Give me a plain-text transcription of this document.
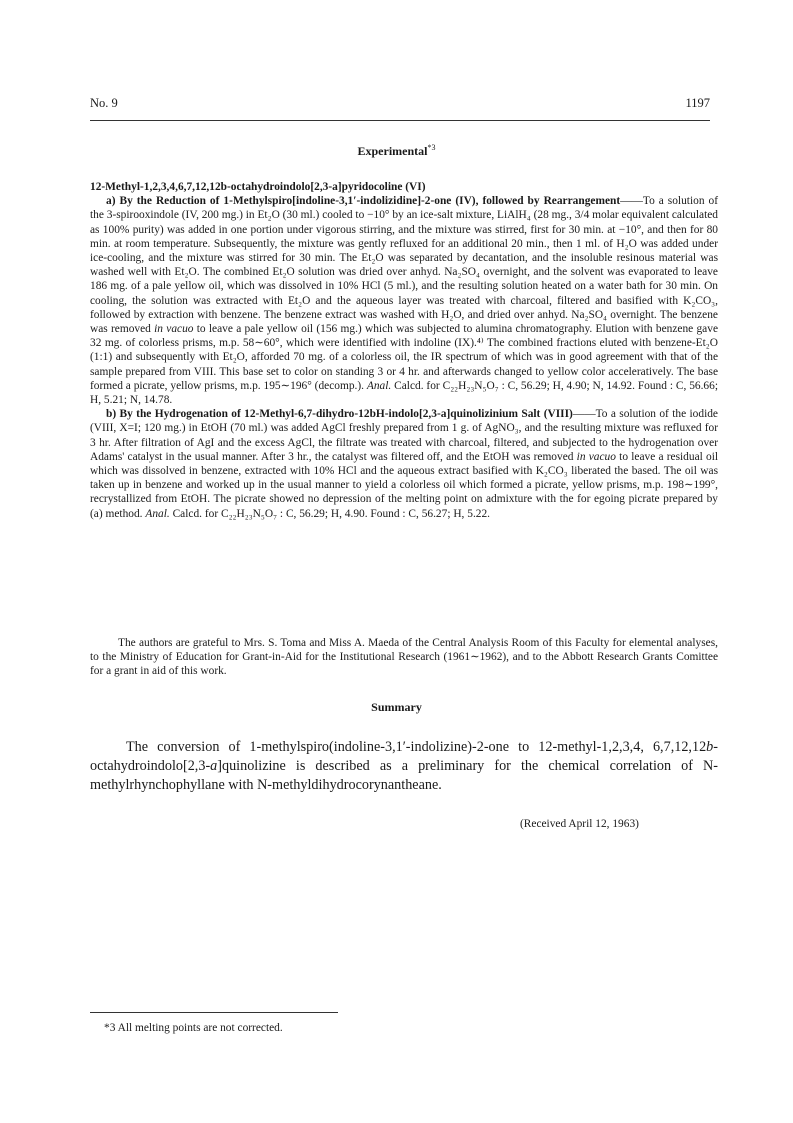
No. 9	1197
Experimental$^{*3}$

12-Methyl-1,2,3,4,6,7,12,12b-octahydroindolo[2,3-a]pyridocoline (VI)

a) By the Reduction of 1-Methylspiro[indoline-3,1′-indolizidine]-2-one (IV), followed by Rearrangement——To a solution of the 3-spirooxindole (IV, 200 mg.) in Et₂O (30 ml.) cooled to −10° by an ice-salt mixture, LiAlH₄ (28 mg., 3/4 molar equivalent calculated as 100% purity) was added in one portion under vigorous stirring, and the mixture was stirred, first for 30 min. at −10°, and then for 80 min. at room temperature. Subsequently, the mixture was gently refluxed for an additional 20 min., then 1 ml. of H₂O was added under ice-cooling, and the mixture was stirred for 30 min. The Et₂O was separated by decantation, and the insoluble resinous material was washed well with Et₂O. The combined Et₂O solution was dried over anhyd. Na₂SO₄ overnight, and the solvent was evaporated to leave 186 mg. of a pale yellow oil, which was dissolved in 10% HCl (5 ml.), and the resulting solution heated on a water bath for 30 min. On cooling, the solution was extracted with Et₂O and the aqueous layer was treated with charcoal, filtered and basified with K₂CO₃, followed by extraction with benzene. The benzene extract was washed with H₂O, and dried over anhyd. Na₂SO₄ overnight. The benzene was removed in vacuo to leave a pale yellow oil (156 mg.) which was subjected to alumina chromatography. Elution with benzene gave 32 mg. of colorless prisms, m.p. 58∼60°, which were identified with indoline (IX).⁴⁾ The combined fractions eluted with benzene-Et₂O (1:1) and subsequently with Et₂O, afforded 70 mg. of a colorless oil, the IR spectrum of which was in good agreement with that of the sample prepared from VIII. This base set to color on standing 3 or 4 hr. and afterwards changed to yellow color acceleratively. The base formed a picrate, yellow prisms, m.p. 195∼196° (decomp.). Anal. Calcd. for C₂₂H₂₃N₅O₇ : C, 56.29; H, 4.90; N, 14.92. Found : C, 56.66; H, 5.21; N, 14.78.

b) By the Hydrogenation of 12-Methyl-6,7-dihydro-12bH-indolo[2,3-a]quinolizinium Salt (VIII)——To a solution of the iodide (VIII, X=I; 120 mg.) in EtOH (70 ml.) was added AgCl freshly prepared from 1 g. of AgNO₃, and the resulting mixture was refluxed for 3 hr. After filtration of AgI and the excess AgCl, the filtrate was treated with charcoal, filtered, and subjected to the hydrogenation over Adams' catalyst in the usual manner. After 3 hr., the catalyst was filtered off, and the EtOH was removed in vacuo to leave a residual oil which was dissolved in benzene, extracted with 10% HCl and the aqueous extract basified with K₂CO₃ liberated the based. The oil was taken up in benzene and worked up in the usual manner to yield a colorless oil which formed a picrate, yellow prisms, m.p. 198∼199°, recrystallized from EtOH. The picrate showed no depression of the melting point on admixture with the for egoing picrate prepared by (a) method. Anal. Calcd. for C₂₂H₂₃N₅O₇ : C, 56.29; H, 4.90. Found : C, 56.27; H, 5.22.

The authors are grateful to Mrs. S. Toma and Miss A. Maeda of the Central Analysis Room of this Faculty for elemental analyses, to the Ministry of Education for Grant-in-Aid for the Institutional Research (1961∼1962), and to the Abbott Research Grants Comittee for a grant in aid of this work.

Summary

The conversion of 1-methylspiro(indoline-3,1′-indolizine)-2-one to 12-methyl-1,2,3,4, 6,7,12,12b-octahydroindolo[2,3-a]quinolizine is described as a preliminary for the chemical correlation of N-methylrhynchophyllane with N-methyldihydrocorynantheane.

(Received April 12, 1963)
*3 All melting points are not corrected.
